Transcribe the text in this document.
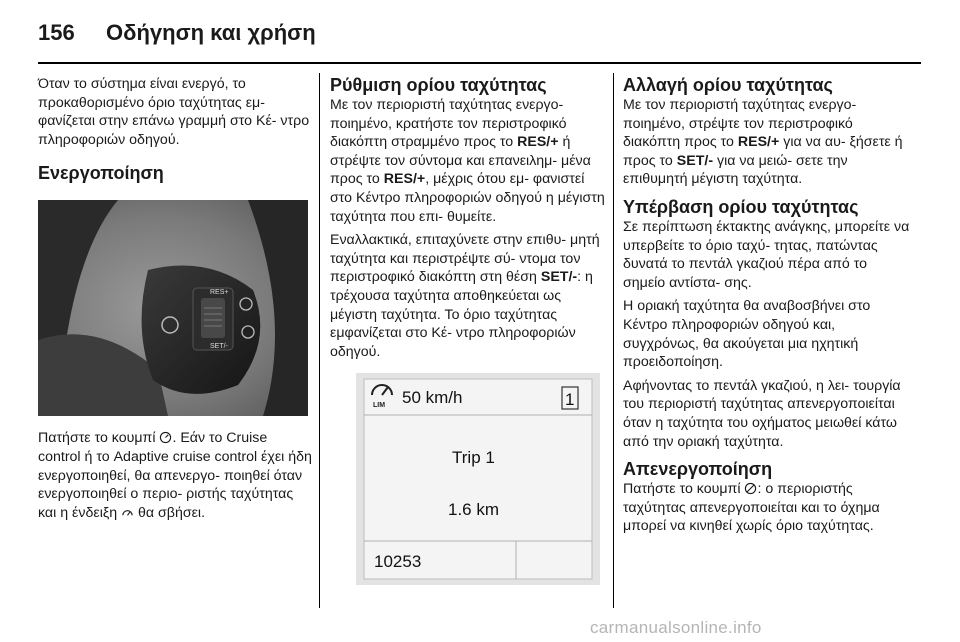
156 Οδήγηση και χρήση

Όταν το σύστημα είναι ενεργό, το προκαθορισμένο όριο ταχύτητας εμ- φανίζεται στην επάνω γραμμή στο Κέ- ντρο πληροφοριών οδηγού.

Ενεργοποίηση
RES+
SET/-

Πατήστε το κουμπί . Εάν το Cruise control ή το Adaptive cruise control έχει ήδη ενεργοποιηθεί, θα απενεργο- ποιηθεί όταν ενεργοποιηθεί ο περιο- ριστής ταχύτητας και η ένδειξη θα σβήσει.

Ρύθμιση ορίου ταχύτητας

Με τον περιοριστή ταχύτητας ενεργο- ποιημένο, κρατήστε τον περιστροφικό διακόπτη στραμμένο προς το RES/+ ή στρέψτε τον σύντομα και επανειλημ- μένα προς το RES/+, μέχρις ότου εμ- φανιστεί στο Κέντρο πληροφοριών οδηγού η μέγιστη ταχύτητα που επι- θυμείτε.

Εναλλακτικά, επιταχύνετε στην επιθυ- μητή ταχύτητα και περιστρέψτε σύ- ντομα τον περιστροφικό διακόπτη στη θέση SET/-: η τρέχουσα ταχύτητα αποθηκεύεται ως μέγιστη ταχύτητα. Το όριο ταχύτητας εμφανίζεται στο Κέ- ντρο πληροφοριών οδηγού.

LIM 50 km/h	1
Trip 1
1.6 km
10253
Αλλαγή ορίου ταχύτητας

Με τον περιοριστή ταχύτητας ενεργο- ποιημένο, στρέψτε τον περιστροφικό διακόπτη προς το RES/+ για να αυ- ξήσετε ή προς το SET/- για να μειώ- σετε την επιθυμητή μέγιστη ταχύτητα.

Υπέρβαση ορίου ταχύτητας

Σε περίπτωση έκτακτης ανάγκης, μπορείτε να υπερβείτε το όριο ταχύ- τητας, πατώντας δυνατά το πεντάλ γκαζιού πέρα από το σημείο αντίστα- σης.

Η οριακή ταχύτητα θα αναβοσβήνει στο Κέντρο πληροφοριών οδηγού και, συγχρόνως, θα ακούγεται μια ηχητική προειδοποίηση.

Αφήνοντας το πεντάλ γκαζιού, η λει- τουργία του περιοριστή ταχύτητας απενεργοποιείται όταν η ταχύτητα του οχήματος μειωθεί κάτω από την οριακή ταχύτητα.

Απενεργοποίηση

Πατήστε το κουμπί : ο περιοριστής ταχύτητας απενεργοποιείται και το όχημα μπορεί να κινηθεί χωρίς όριο ταχύτητας.

carmanualsonline.info
